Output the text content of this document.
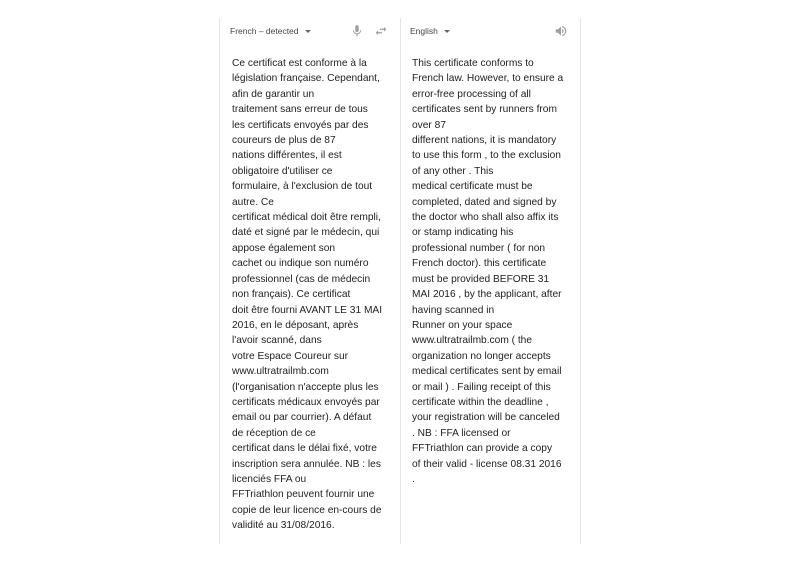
French – detected
Ce certificat est conforme à la
législation française. Cependant,
afin de garantir un
traitement sans erreur de tous
les certificats envoyés par des
coureurs de plus de 87
nations différentes, il est
obligatoire d'utiliser ce
formulaire, à l'exclusion de tout
autre. Ce
certificat médical doit être rempli,
daté et signé par le médecin, qui
appose également son
cachet ou indique son numéro
professionnel (cas de médecin
non français). Ce certificat
doit être fourni AVANT LE 31 MAI
2016, en le déposant, après
l'avoir scanné, dans
votre Espace Coureur sur
www.ultratrailmb.com
(l'organisation n'accepte plus les
certificats médicaux envoyés par
email ou par courrier). A défaut
de réception de ce
certificat dans le délai fixé, votre
inscription sera annulée. NB : les
licenciés FFA ou
FFTriathlon peuvent fournir une
copie de leur licence en-cours de
validité au 31/08/2016.
English
This certificate conforms to
French law. However, to ensure a
error-free processing of all
certificates sent by runners from
over 87
different nations, it is mandatory
to use this form , to the exclusion
of any other . This
medical certificate must be
completed, dated and signed by
the doctor who shall also affix its
or stamp indicating his
professional number ( for non
French doctor). this certificate
must be provided BEFORE 31
MAI 2016 , by the applicant, after
having scanned in
Runner on your space
www.ultratrailmb.com ( the
organization no longer accepts
medical certificates sent by email
or mail ) . Failing receipt of this
certificate within the deadline ,
your registration will be canceled
. NB : FFA licensed or
FFTriathlon can provide a copy
of their valid - license 08.31 2016
.
